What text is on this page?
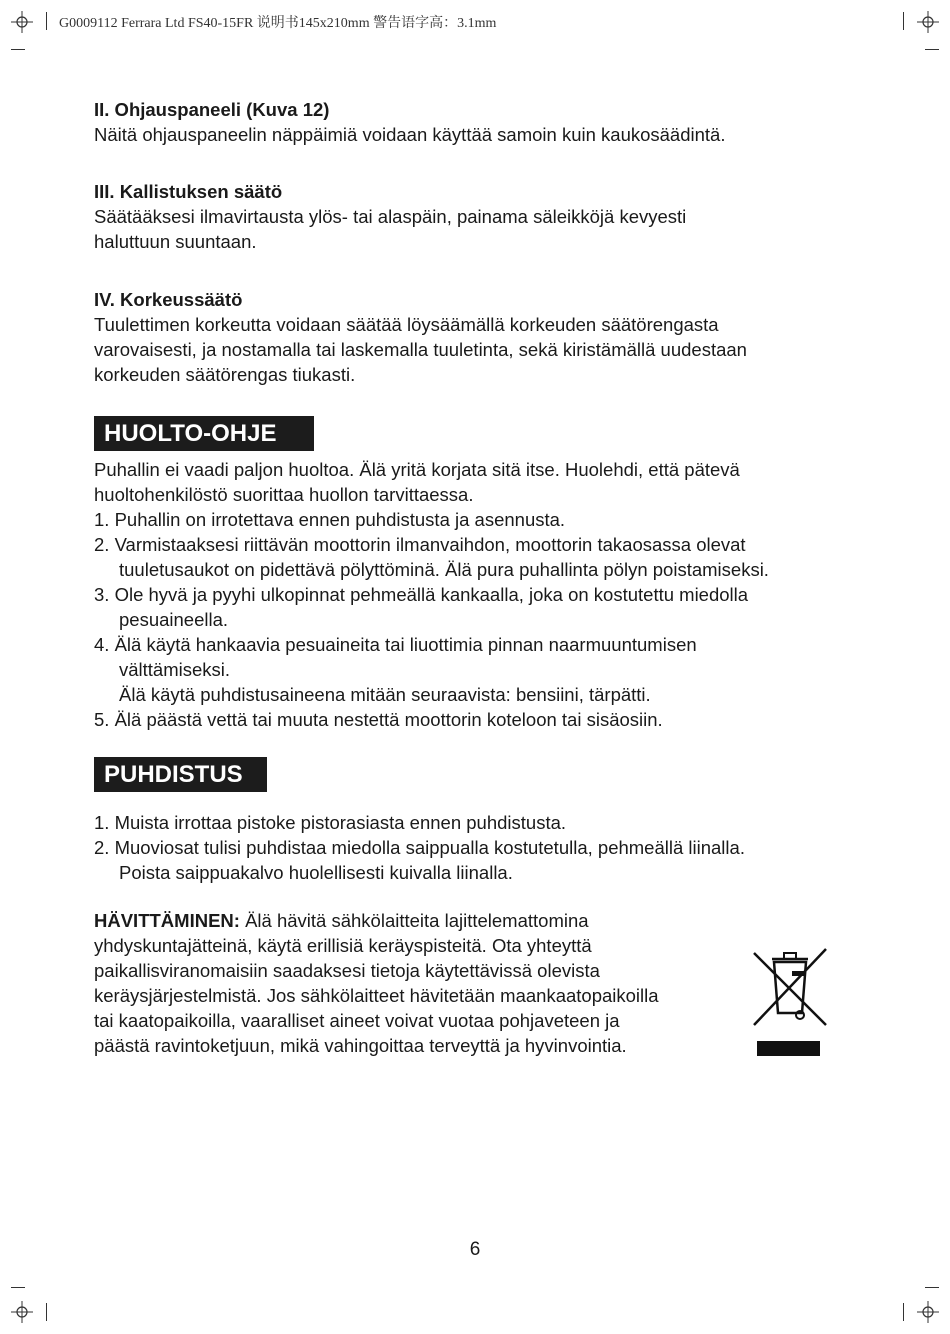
G0009112 Ferrara Ltd FS40-15FR 说明书145x210mm 警告语字高：3.1mm

II. Ohjauspaneeli (Kuva 12)

Näitä ohjauspaneelin näppäimiä voidaan käyttää samoin kuin kaukosäädintä.

III. Kallistuksen säätö

Säätääksesi ilmavirtausta ylös- tai alaspäin, painama säleikköjä kevyesti

haluttuun suuntaan.

IV. Korkeussäätö

Tuulettimen korkeutta voidaan säätää löysäämällä korkeuden säätörengasta

varovaisesti, ja nostamalla tai laskemalla tuuletinta, sekä kiristämällä uudestaan

korkeuden säätörengas tiukasti.

HUOLTO-OHJE

Puhallin ei vaadi paljon huoltoa. Älä yritä korjata sitä itse. Huolehdi, että pätevä

huoltohenkilöstö suorittaa huollon tarvittaessa.

1. Puhallin on irrotettava ennen puhdistusta ja asennusta.

2. Varmistaaksesi riittävän moottorin ilmanvaihdon, moottorin takaosassa olevat

tuuletusaukot on pidettävä pölyttöminä. Älä pura puhallinta pölyn poistamiseksi.

3. Ole hyvä ja pyyhi ulkopinnat pehmeällä kankaalla, joka on kostutettu miedolla

pesuaineella.

4. Älä käytä hankaavia pesuaineita tai liuottimia pinnan naarmuuntumisen

välttämiseksi.

Älä käytä puhdistusaineena mitään seuraavista: bensiini, tärpätti.

5. Älä päästä vettä tai muuta nestettä moottorin koteloon tai sisäosiin.

PUHDISTUS

1. Muista irrottaa pistoke pistorasiasta ennen puhdistusta.

2. Muoviosat tulisi puhdistaa miedolla saippualla kostutetulla, pehmeällä liinalla.

Poista saippuakalvo huolellisesti kuivalla liinalla.

HÄVITTÄMINEN: Älä hävitä sähkölaitteita lajittelemattomina

yhdyskuntajätteinä, käytä erillisiä keräyspisteitä. Ota yhteyttä

paikallisviranomaisiin saadaksesi tietoja käytettävissä olevista

keräysjärjestelmistä. Jos sähkölaitteet hävitetään maankaatopaikoilla

tai kaatopaikoilla, vaaralliset aineet voivat vuotaa pohjaveteen ja

päästä ravintoketjuun, mikä vahingoittaa terveyttä ja hyvinvointia.

6
